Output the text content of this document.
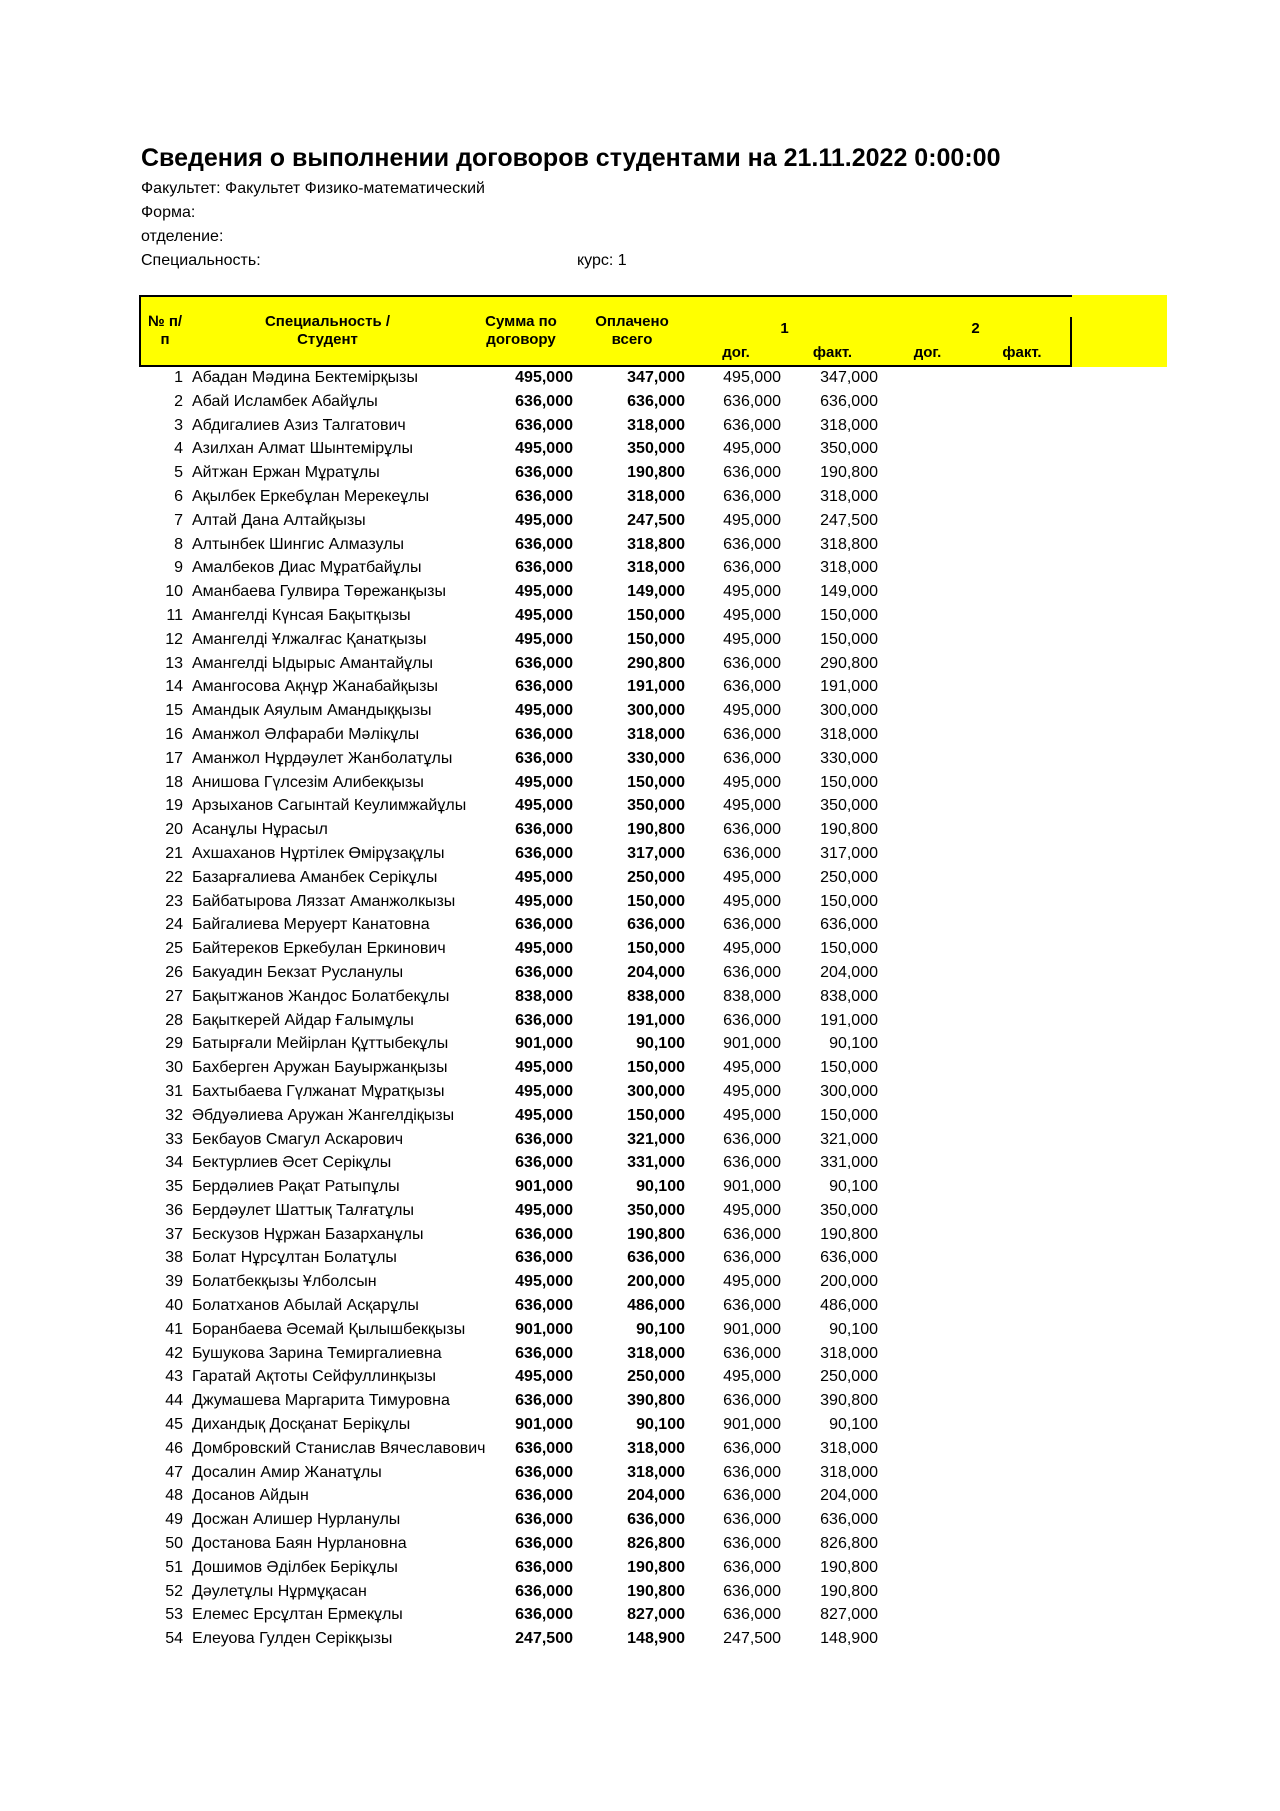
Сведения о выполнении договоров студентами на 21.11.2022 0:00:00
Факультет: Факультет Физико-математический
Форма:
отделение:
Специальность:	курс: 1
№ п/п
Специальность / Студент
Сумма по договору
Оплачено всего
1	2
дог.	факт.	дог.	факт.
1 Абадан Мәдина Бектемірқызы	495,000	347,000	495,000	347,000
2 Абай Исламбек Абайұлы	636,000	636,000	636,000	636,000
3 Абдигалиев Азиз Талгатович	636,000	318,000	636,000	318,000
4 Азилхан Алмат Шынтемірұлы	495,000	350,000	495,000	350,000
5 Айтжан Ержан Мұратұлы	636,000	190,800	636,000	190,800
6 Ақылбек Еркебұлан Мерекеұлы	636,000	318,000	636,000	318,000
7 Алтай Дана Алтайқызы	495,000	247,500	495,000	247,500
8 Алтынбек Шингис Алмазулы	636,000	318,800	636,000	318,800
9 Амалбеков Диас Мұратбайұлы	636,000	318,000	636,000	318,000
10 Аманбаева Гулвира Төрежанқызы	495,000	149,000	495,000	149,000
11 Амангелді Күнсая Бақытқызы	495,000	150,000	495,000	150,000
12 Амангелді Ұлжалғас Қанатқызы	495,000	150,000	495,000	150,000
13 Амангелді Ыдырыс Амантайұлы	636,000	290,800	636,000	290,800
14 Амангосова Ақнұр Жанабайқызы	636,000	191,000	636,000	191,000
15 Амандык Аяулым Амандыққызы	495,000	300,000	495,000	300,000
16 Аманжол Әлфараби Мәлікұлы	636,000	318,000	636,000	318,000
17 Аманжол Нұрдәулет Жанболатұлы	636,000	330,000	636,000	330,000
18 Анишова Гүлсезім Алибекқызы	495,000	150,000	495,000	150,000
19 Арзыханов Сагынтай Кеулимжайұлы	495,000	350,000	495,000	350,000
20 Асанұлы Нұрасыл	636,000	190,800	636,000	190,800
21 Ахшаханов Нұртілек Өмірұзақұлы	636,000	317,000	636,000	317,000
22 Базарғалиева Аманбек Серікұлы	495,000	250,000	495,000	250,000
23 Байбатырова Ляззат Аманжолкызы	495,000	150,000	495,000	150,000
24 Байгалиева Меруерт Канатовна	636,000	636,000	636,000	636,000
25 Байтереков Еркебулан Еркинович	495,000	150,000	495,000	150,000
26 Бакуадин Бекзат Русланулы	636,000	204,000	636,000	204,000
27 Бақытжанов Жандос Болатбекұлы	838,000	838,000	838,000	838,000
28 Бақыткерей Айдар Ғалымұлы	636,000	191,000	636,000	191,000
29 Батырғали Мейірлан Құттыбекұлы	901,000	90,100	901,000	90,100
30 Бахберген Аружан Бауыржанқызы	495,000	150,000	495,000	150,000
31 Бахтыбаева Гүлжанат Мұратқызы	495,000	300,000	495,000	300,000
32 Әбдуәлиева Аружан Жангелдіқызы	495,000	150,000	495,000	150,000
33 Бекбауов Смагул Аскарович	636,000	321,000	636,000	321,000
34 Бектурлиев Әсет Серікұлы	636,000	331,000	636,000	331,000
35 Бердәлиев Рақат Ратыпұлы	901,000	90,100	901,000	90,100
36 Бердәулет Шаттық Талғатұлы	495,000	350,000	495,000	350,000
37 Бескузов Нұржан Базарханұлы	636,000	190,800	636,000	190,800
38 Болат Нұрсұлтан Болатұлы	636,000	636,000	636,000	636,000
39 Болатбекқызы Ұлболсын	495,000	200,000	495,000	200,000
40 Болатханов Абылай Асқарұлы	636,000	486,000	636,000	486,000
41 Боранбаева Әсемай Қылышбекқызы	901,000	90,100	901,000	90,100
42 Бушукова Зарина Темиргалиевна	636,000	318,000	636,000	318,000
43 Гаратай Ақтоты Сейфуллинқызы	495,000	250,000	495,000	250,000
44 Джумашева Маргарита Тимуровна	636,000	390,800	636,000	390,800
45 Дихандық Досқанат Берікұлы	901,000	90,100	901,000	90,100
46 Домбровский Станислав Вячеславович	636,000	318,000	636,000	318,000
47 Досалин Амир Жанатұлы	636,000	318,000	636,000	318,000
48 Досанов Айдын	636,000	204,000	636,000	204,000
49 Досжан Алишер Нурланулы	636,000	636,000	636,000	636,000
50 Достанова Баян Нурлановна	636,000	826,800	636,000	826,800
51 Дошимов Әділбек Берікұлы	636,000	190,800	636,000	190,800
52 Дәулетұлы Нұрмұқасан	636,000	190,800	636,000	190,800
53 Елемес Ерсұлтан Ермекұлы	636,000	827,000	636,000	827,000
54 Елеуова Гулден Серікқызы	247,500	148,900	247,500	148,900
